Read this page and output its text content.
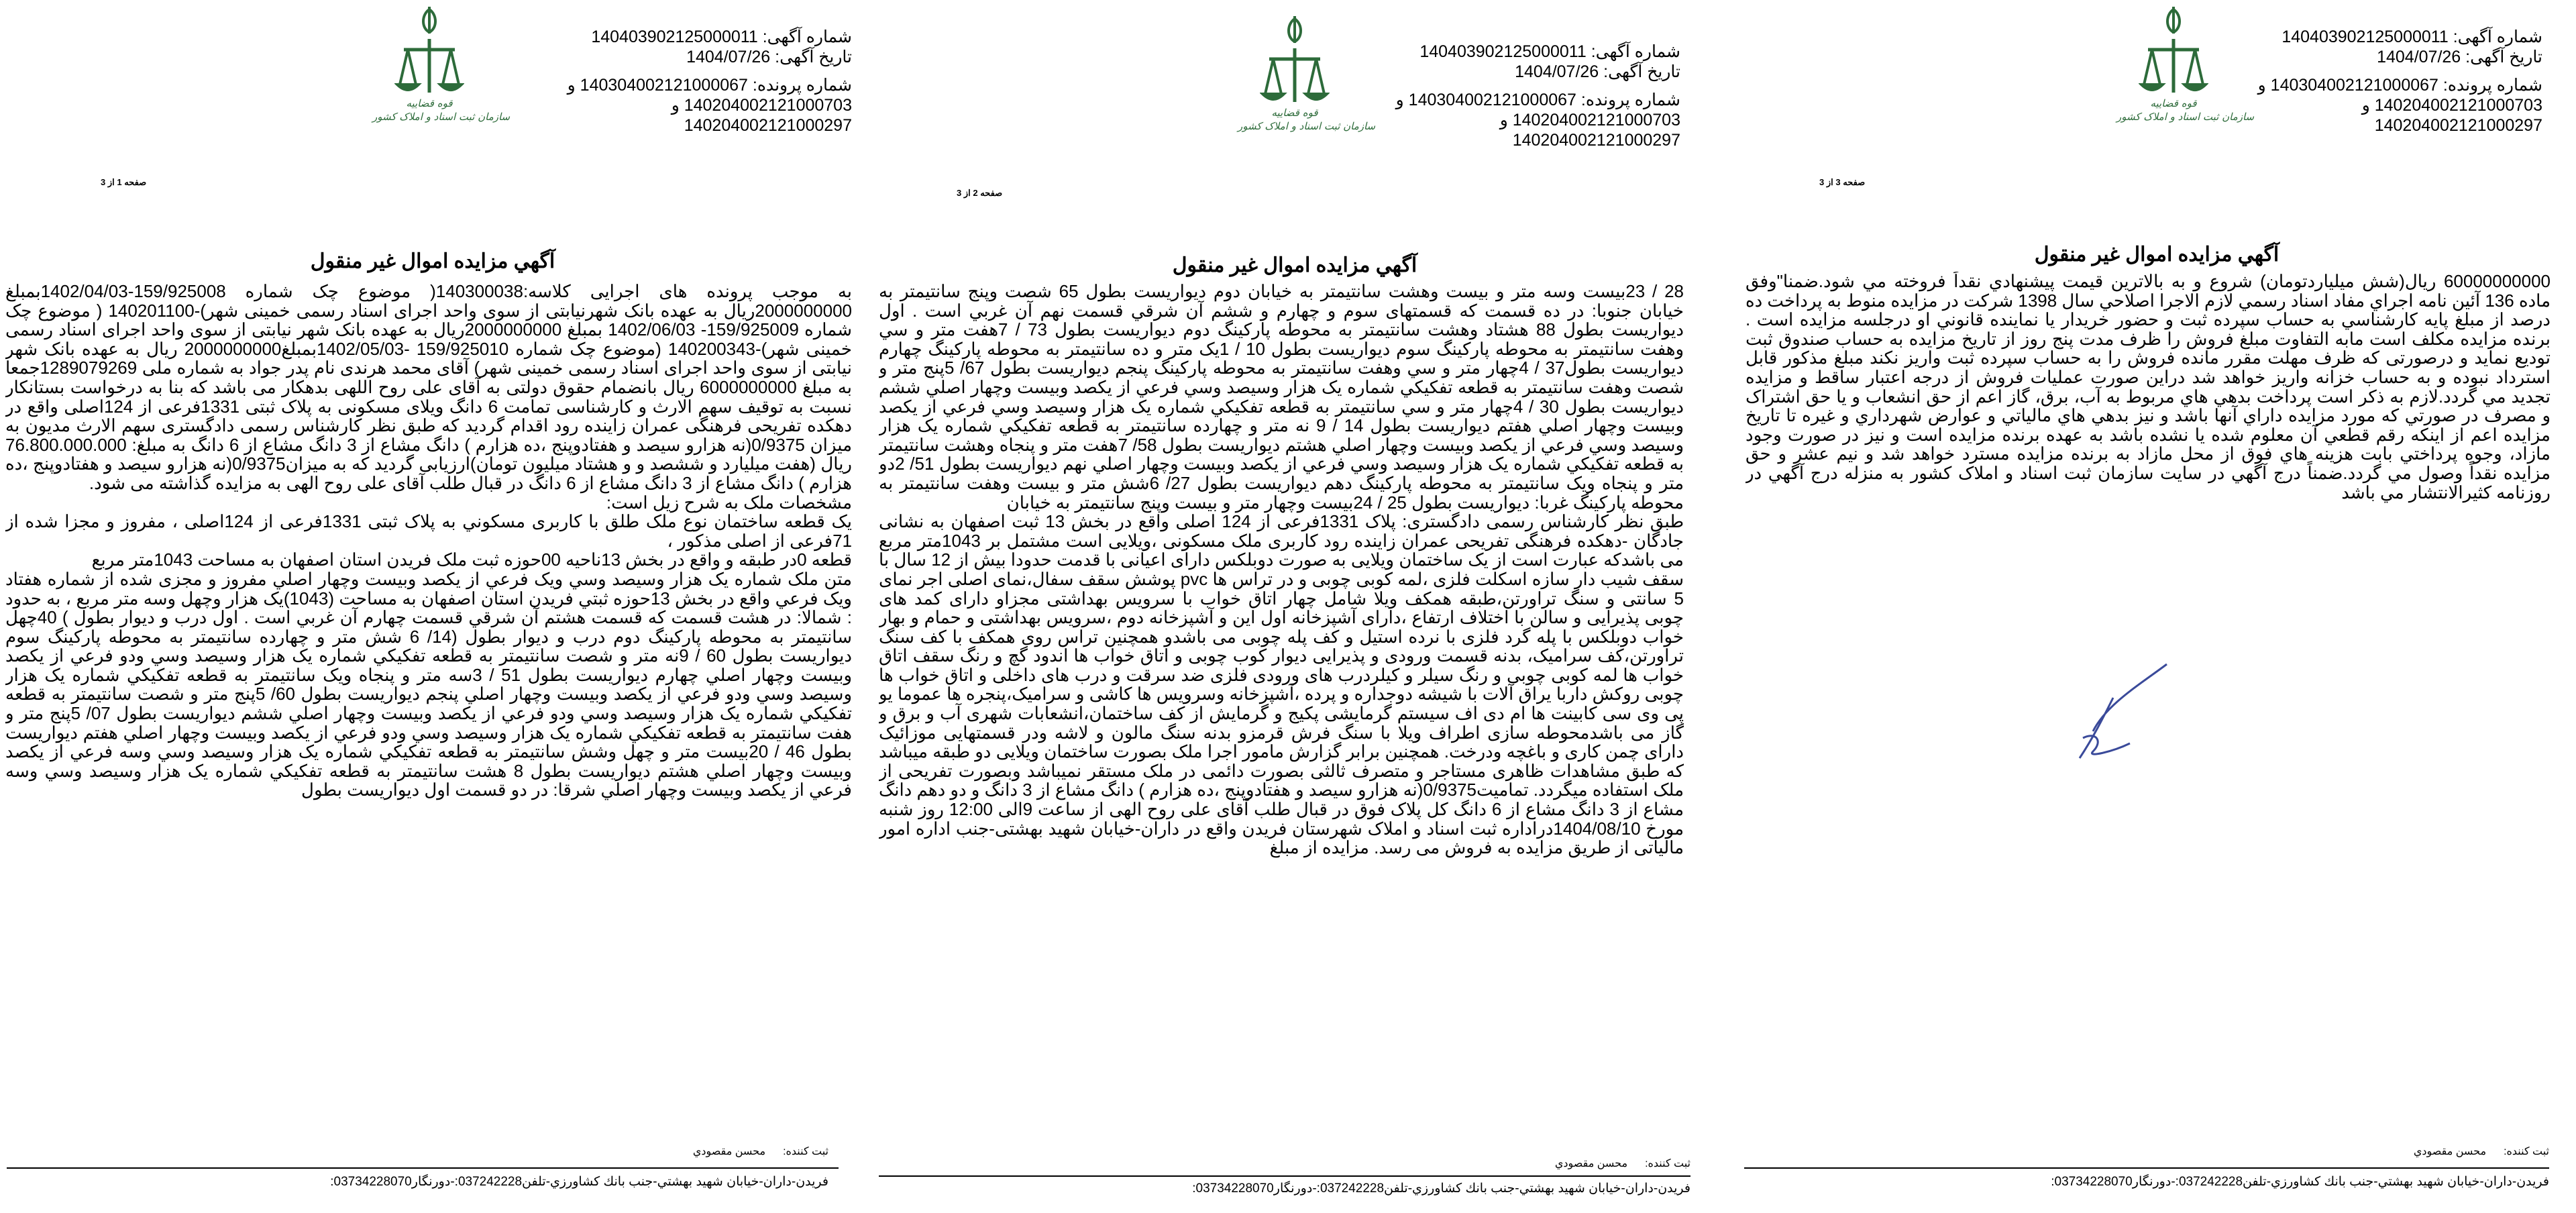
قوه قضاییه
سازمان ثبت اسناد و املاک کشور
شماره آگهی: 140403902125000011
تاریخ آگهی: 1404/07/26
شماره پرونده: 140304002121000067 و
140204002121000703 و
140204002121000297
صفحه 1 از 3
آگهي مزايده اموال غير منقول

به موجب پرونده های اجرایی کلاسه:140300038( موضوع چک شماره 159/925008-1402/04/03بمبلغ 2000000000ریال به عهده بانک شهرنیابتی از سوی واحد اجرای اسناد رسمی خمینی شهر)-140201100 ( موضوع چک شماره 159/925009- 1402/06/03 بمبلغ 2000000000ریال به عهده بانک شهر نیابتی از سوی واحد اجرای اسناد رسمی خمینی شهر)-140200343 (موضوع چک شماره 159/925010 -1402/05/03بمبلغ2000000000 ریال به عهده بانک شهر نیابتی از سوی واحد اجرای اسناد رسمی خمینی شهر) آقای محمد هرندی نام پدر جواد به شماره ملی 1289079269جمعا به مبلغ 6000000000 ریال بانضمام حقوق دولتی به آقای علی روح اللهی بدهکار می باشد که بنا به درخواست بستانکار نسبت به توقیف سهم الارث و کارشناسی تمامت 6 دانگ ویلای مسکونی به پلاک ثبتی 1331فرعی از 124اصلی واقع در دهکده تفریحی فرهنگی عمران زاینده رود اقدام گردید که طبق نظر کارشناس رسمی دادگستری سهم الارث مدیون به میزان 0/9375(نه هزارو سیصد و هفتادوپنج ،ده هزارم ) دانگ مشاع از 3 دانگ مشاع از 6 دانگ به مبلغ: 76.800.000.000 ریال (هفت میلیارد و ششصد و و هشتاد میلیون تومان)ارزیابی گردید که به میزان0/9375(نه هزارو سیصد و هفتادوپنج ،ده هزارم ) دانگ مشاع از 3 دانگ مشاع از 6 دانگ در قبال طلب آقای علی روح الهی به مزایده گذاشته می شود.

مشخصات ملک به شرح زیل است:

یک قطعه ساختمان نوع ملک طلق با کاربری مسکوني به پلاک ثبتی 1331فرعی از 124اصلی ، مفروز و مجزا شده از 71فرعی از اصلی مذکور ،

قطعه 0در طبقه و واقع در بخش 13ناحیه 00حوزه ثبت ملک فریدن استان اصفهان به مساحت 1043متر مربع

متن ملک شماره یک هزار وسیصد وسي ویک فرعي از یکصد وبیست وچهار اصلي مفروز و مجزی شده از شماره هفتاد ویک فرعي واقع در بخش 13حوزه ثبتي فریدن استان اصفهان به مساحت (1043)یک هزار وچهل وسه متر مربع ، به حدود : شمالا: در هشت قسمت که قسمت هشتم آن شرقي قسمت چهارم آن غربي است . اول درب و دیوار بطول ) 40چهل سانتیمتر به محوطه پارکینگ دوم درب و دیوار بطول (14/ 6 شش متر و چهارده سانتیمتر به محوطه پارکینگ سوم دیواریست بطول 60 / 9نه متر و شصت سانتیمتر به قطعه تفکیکي شماره یک هزار وسیصد وسي ودو فرعي از یکصد وبیست وچهار اصلي چهارم دیواریست بطول 51 / 3سه متر و پنجاه ویک سانتیمتر به قطعه تفکیکي شماره یک هزار وسیصد وسي ودو فرعي از یکصد وبیست وچهار اصلي پنجم دیواریست بطول 60/ 5پنج متر و شصت سانتیمتر به قطعه تفکیکي شماره یک هزار وسیصد وسي ودو فرعي از یکصد وبیست وچهار اصلي ششم دیواریست بطول 07/ 5پنج متر و هفت سانتیمتر به قطعه تفکیکي شماره یک هزار وسیصد وسي ودو فرعي از یکصد وبیست وچهار اصلي هفتم دیواریست بطول 46 / 20بیست متر و چهل وشش سانتیمتر به قطعه تفکیکي شماره یک هزار وسیصد وسي وسه فرعي از یکصد وبیست وچهار اصلي هشتم دیواریست بطول 8 هشت سانتیمتر به قطعه تفکیکي شماره یک هزار وسیصد وسي وسه فرعي از یکصد وبیست وچهار اصلي شرقا: در دو قسمت اول دیواریست بطول

ثبت کننده:محسن مقصودي
فريدن-داران-خيابان شهيد بهشتي-جنب بانك كشاورزي-تلفن037242228:-دورنگار03734228070:
قوه قضاییه
سازمان ثبت اسناد و املاک کشور
شماره آگهی: 140403902125000011
تاریخ آگهی: 1404/07/26
شماره پرونده: 140304002121000067 و
140204002121000703 و
140204002121000297
صفحه 2 از 3
آگهي مزايده اموال غير منقول

28 / 23بیست وسه متر و بیست وهشت سانتیمتر به خیابان دوم دیواریست بطول 65 شصت وپنج سانتیمتر به خیابان جنوبا: در ده قسمت که قسمتهای سوم و چهارم و ششم آن شرقي قسمت نهم آن غربي است . اول دیواریست بطول 88 هشتاد وهشت سانتیمتر به محوطه پارکینگ دوم دیواریست بطول 73 / 7هفت متر و سي وهفت سانتیمتر به محوطه پارکینگ سوم دیواریست بطول 10 / 1یک متر و ده سانتیمتر به محوطه پارکینگ چهارم دیواریست بطول37 / 4چهار متر و سي وهفت سانتیمتر به محوطه پارکینگ پنجم دیواریست بطول 67/ 5پنج متر و شصت وهفت سانتیمتر به قطعه تفکیکي شماره یک هزار وسیصد وسي فرعي از یکصد وبیست وچهار اصلي ششم دیواریست بطول 30 / 4چهار متر و سي سانتیمتر به قطعه تفکیکي شماره یک هزار وسیصد وسي فرعي از یکصد وبیست وچهار اصلي هفتم دیواریست بطول 14 / 9 نه متر و چهارده سانتیمتر به قطعه تفکیکي شماره یک هزار وسیصد وسي فرعي از یکصد وبیست وچهار اصلي هشتم دیواریست بطول 58/ 7هفت متر و پنجاه وهشت سانتیمتر به قطعه تفکیکي شماره یک هزار وسیصد وسي فرعي از یکصد وبیست وچهار اصلي نهم دیواریست بطول 51/ 2دو متر و پنجاه ویک سانتیمتر به محوطه پارکینگ دهم دیواریست بطول 27/ 6شش متر و بیست وهفت سانتیمتر به محوطه پارکینگ غربا: دیواریست بطول 25 / 24بیست وچهار متر و بیست وپنج سانتیمتر به خیابان

طبق نظر کارشناس رسمی دادگستری: پلاک 1331فرعی از 124 اصلی واقع در بخش 13 ثبت اصفهان به نشانی جادگان -دهکده فرهنگی تفریحی عمران زاینده رود کاربری ملک مسکونی ،ویلایی است مشتمل بر 1043متر مربع می باشدکه عبارت است از یک ساختمان ویلایی به صورت دوبلکس دارای اعیانی با قدمت حدودا بیش از 12 سال با سقف شیب دار سازه اسکلت فلزی ،لمه کوبی چوبی و در تراس ها pvc پوشش سقف سفال،نمای اصلی اجر نمای 5 سانتی و سنگ تراورتن،طبقه همکف ویلا شامل چهار اتاق خواب با سرویس بهداشتی مجزاو دارای کمد های چوبی پذیرایی و سالن با اختلاف ارتفاع ،دارای آشپزخانه اول این و آشپزخانه دوم ،سرویس بهداشتی و حمام و بهار خواب دوبلکس با پله گرد فلزی با نرده استیل و کف پله چوبی می باشدو همچنین تراس روی همکف با کف سنگ تراورتن،کف سرامیک، بدنه قسمت ورودی و پذیرایی دیوار کوب چوبی و اتاق خواب ها اندود گچ و رنگ سقف اتاق خواب ها لمه کوبی چوبی و رنگ سیلر و کیلردرب های ورودی فلزی ضد سرقت و درب های داخلی و اتاق خواب ها چوبی روکش داربا یراق آلات با شیشه دوجداره و پرده ،آشپزخانه وسرویس ها کاشی و سرامیک،پنجره ها عموما یو پی وی سی کابینت ها ام دی اف سیستم گرمایشی پکیج و گرمایش از کف ساختمان،انشعابات شهری آب و برق و گاز می باشدمحوطه سازی اطراف ویلا با سنگ فرش قرمزو بدنه سنگ مالون و لاشه ودر قسمتهایی موزائیک دارای چمن کاری و باغچه ودرخت. همچنین برابر گزارش مامور اجرا ملک بصورت ساختمان ویلایی دو طبقه میباشد که طبق مشاهدات ظاهری مستاجر و متصرف ثالثی بصورت دائمی در ملک مستقر نمیباشد وبصورت تفریحی از ملک استفاده میگردد. تمامیت0/9375(نه هزارو سیصد و هفتادوپنج ،ده هزارم ) دانگ مشاع از 3 دانگ و دو دهم دانگ مشاع از 3 دانگ مشاع از 6 دانگ کل پلاک فوق در قبال طلب آقای علی روح الهی از ساعت 9الی 12:00 روز شنبه مورخ 1404/08/10دراداره ثبت اسناد و املاک شهرستان فریدن واقع در داران-خیابان شهید بهشتی-جنب اداره امور مالیاتی از طریق مزایده به فروش می رسد. مزایده از مبلغ

ثبت کننده:محسن مقصودي
فريدن-داران-خيابان شهيد بهشتي-جنب بانك كشاورزي-تلفن037242228:-دورنگار03734228070:
قوه قضاییه
سازمان ثبت اسناد و املاک کشور
شماره آگهی: 140403902125000011
تاریخ آگهی: 1404/07/26
شماره پرونده: 140304002121000067 و
140204002121000703 و
140204002121000297
صفحه 3 از 3
آگهي مزايده اموال غير منقول

60000000000 ريال(شش ميلياردتومان) شروع و به بالاترين قيمت پيشنهادي نقداً فروخته مي شود.ضمنا"وفق ماده 136 آئين نامه اجراي مفاد اسناد رسمي لازم الاجرا اصلاحي سال 1398 شرکت در مزايده منوط به پرداخت ده درصد از مبلغ پايه کارشناسي به حساب سپرده ثبت و حضور خريدار يا نماينده قانوني او درجلسه مزايده است . برنده مزايده مکلف است مابه التفاوت مبلغ فروش را ظرف مدت پنج روز از تاريخ مزايده به حساب صندوق ثبت توديع نمايد و درصورتی که ظرف مهلت مقرر مانده فروش را به حساب سپرده ثبت واريز نکند مبلغ مذکور قابل استرداد نبوده و به حساب خزانه واريز خواهد شد دراين صورت عمليات فروش از درجه اعتبار ساقط و مزايده تجديد مي گردد.لازم به ذکر است پرداخت بدهي هاي مربوط به آب، برق، گاز اعم از حق انشعاب و يا حق اشتراک و مصرف در صورتي که مورد مزايده داراي آنها باشد و نيز بدهي هاي مالياتي و عوارض شهرداري و غيره تا تاريخ مزايده اعم از اينکه رقم قطعي آن معلوم شده يا نشده باشد به عهده برنده مزايده است و نيز در صورت وجود مازاد، وجوه پرداختي بابت هزينه هاي فوق از محل مازاد به برنده مزايده مسترد خواهد شد و نيم عشر و حق مزايده نقداً وصول مي گردد.ضمناً درج آگهي در سايت سازمان ثبت اسناد و املاک کشور به منزله درج آگهي در روزنامه کثيرالانتشار مي باشد

ثبت کننده:محسن مقصودي
فريدن-داران-خيابان شهيد بهشتي-جنب بانك كشاورزي-تلفن037242228:-دورنگار03734228070:
